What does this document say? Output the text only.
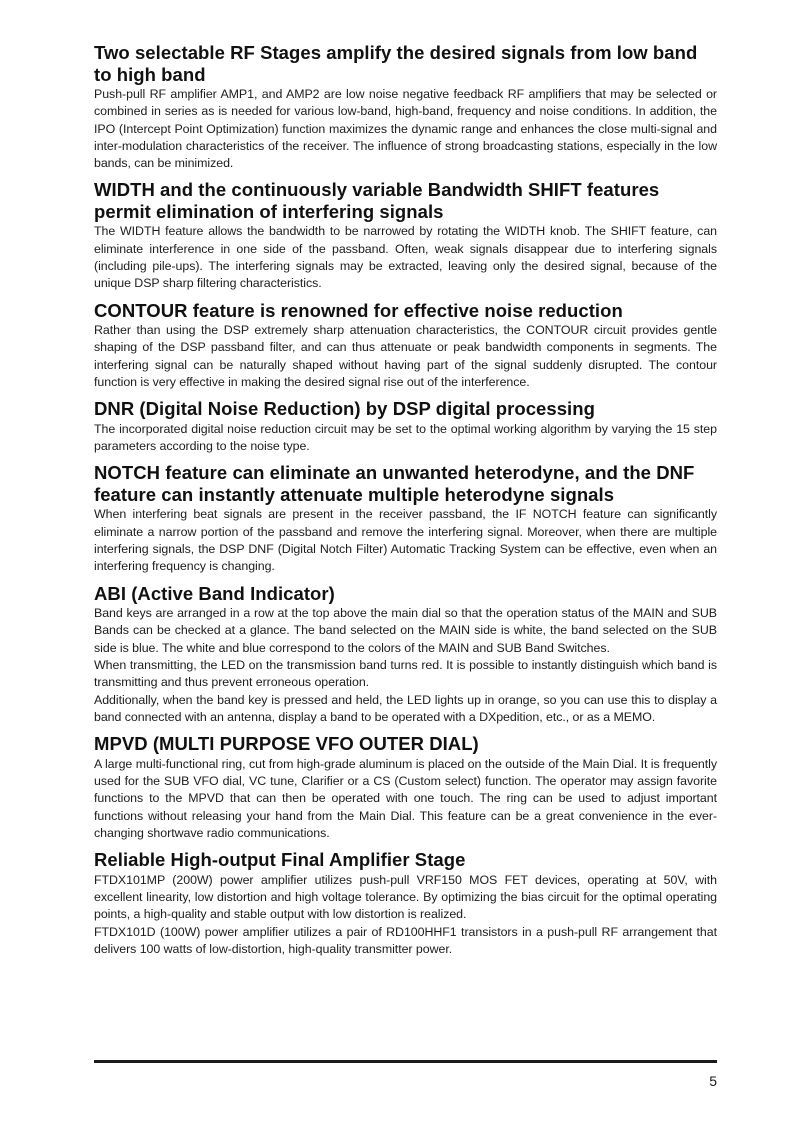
Two selectable RF Stages amplify the desired signals from low band to high band

Push-pull RF amplifier AMP1, and AMP2 are low noise negative feedback RF amplifiers that may be selected or combined in series as is needed for various low-band, high-band, frequency and noise conditions. In addition, the IPO (Intercept Point Optimization) function maximizes the dynamic range and enhances the close multi-signal and inter-modulation characteristics of the receiver. The influence of strong broadcasting stations, especially in the low bands, can be minimized.

WIDTH and the continuously variable Bandwidth SHIFT features permit elimination of interfering signals

The WIDTH feature allows the bandwidth to be narrowed by rotating the WIDTH knob. The SHIFT feature, can eliminate interference in one side of the passband. Often, weak signals disappear due to interfering signals (including pile-ups). The interfering signals may be extracted, leaving only the desired signal, because of the unique DSP sharp filtering characteristics.

CONTOUR feature is renowned for effective noise reduction

Rather than using the DSP extremely sharp attenuation characteristics, the CONTOUR circuit provides gentle shaping of the DSP passband filter, and can thus attenuate or peak bandwidth components in segments. The interfering signal can be naturally shaped without having part of the signal suddenly disrupted. The contour function is very effective in making the desired signal rise out of the interference.

DNR (Digital Noise Reduction) by DSP digital processing

The incorporated digital noise reduction circuit may be set to the optimal working algorithm by varying the 15 step parameters according to the noise type.

NOTCH feature can eliminate an unwanted heterodyne, and the DNF feature can instantly attenuate multiple heterodyne signals

When interfering beat signals are present in the receiver passband, the IF NOTCH feature can significantly eliminate a narrow portion of the passband and remove the interfering signal. Moreover, when there are multiple interfering signals, the DSP DNF (Digital Notch Filter) Automatic Tracking System can be effective, even when an interfering frequency is changing.

ABI (Active Band Indicator)

Band keys are arranged in a row at the top above the main dial so that the operation status of the MAIN and SUB Bands can be checked at a glance. The band selected on the MAIN side is white, the band selected on the SUB side is blue. The white and blue correspond to the colors of the MAIN and SUB Band Switches.

When transmitting, the LED on the transmission band turns red. It is possible to instantly distinguish which band is transmitting and thus prevent erroneous operation.

Additionally, when the band key is pressed and held, the LED lights up in orange, so you can use this to display a band connected with an antenna, display a band to be operated with a DXpedition, etc., or as a MEMO.

MPVD (MULTI PURPOSE VFO OUTER DIAL)

A large multi-functional ring, cut from high-grade aluminum is placed on the outside of the Main Dial. It is frequently used for the SUB VFO dial, VC tune, Clarifier or a CS (Custom select) function. The operator may assign favorite functions to the MPVD that can then be operated with one touch. The ring can be used to adjust important functions without releasing your hand from the Main Dial. This feature can be a great convenience in the ever-changing shortwave radio communications.

Reliable High-output Final Amplifier Stage

FTDX101MP (200W) power amplifier utilizes push-pull VRF150 MOS FET devices, operating at 50V, with excellent linearity, low distortion and high voltage tolerance. By optimizing the bias circuit for the optimal operating points, a high-quality and stable output with low distortion is realized.

FTDX101D (100W) power amplifier utilizes a pair of RD100HHF1 transistors in a push-pull RF arrangement that delivers 100 watts of low-distortion, high-quality transmitter power.

5
